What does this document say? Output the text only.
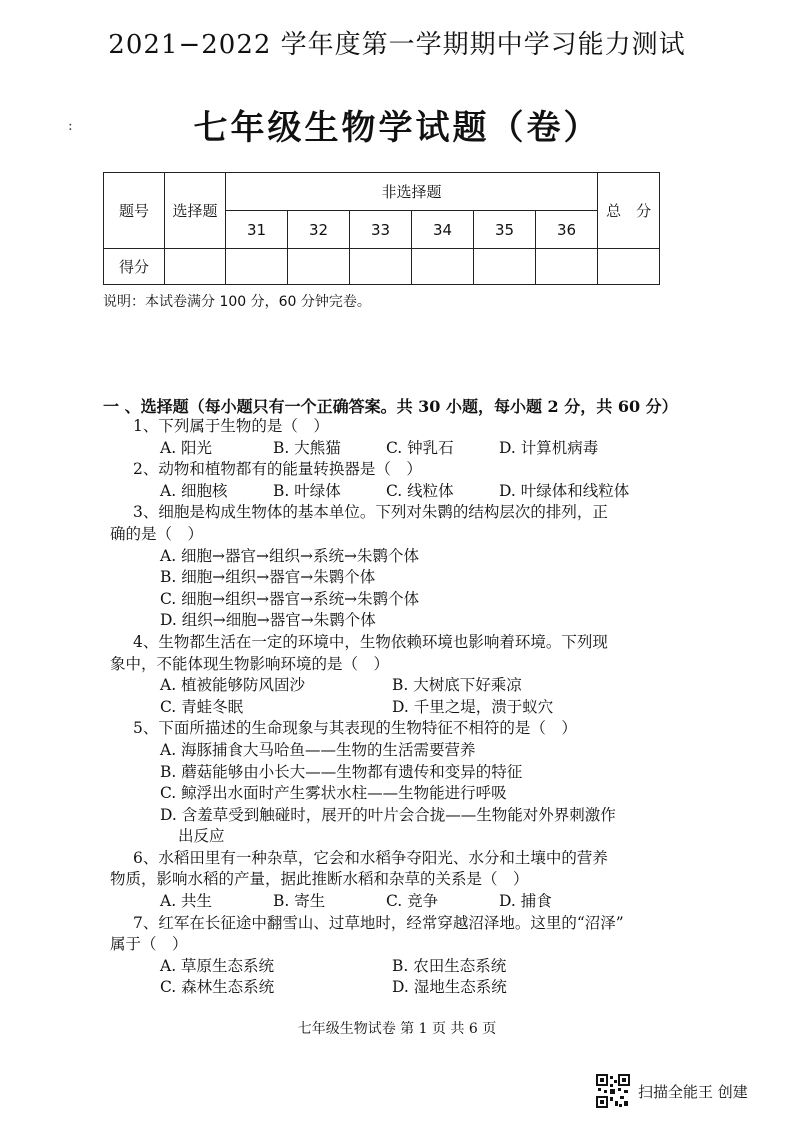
2021−2022 学年度第一学期期中学习能力测试
:	七年级生物学试题（卷）
题号	选择题	非选择题						总　分
		31	32	33	34	35	36	
得分								
说明：本试卷满分 100 分，60 分钟完卷。
一 、选择题（每小题只有一个正确答案。共 30 小题，每小题 2 分，共 60 分）
1、下列属于生物的是（　）
A. 阳光	B. 大熊猫	C. 钟乳石	D. 计算机病毒
2、动物和植物都有的能量转换器是（　）
A. 细胞核	B. 叶绿体	C. 线粒体	D. 叶绿体和线粒体
3、细胞是构成生物体的基本单位。下列对朱鹮的结构层次的排列，正
确的是（　）
A. 细胞→器官→组织→系统→朱鹮个体
B. 细胞→组织→器官→朱鹮个体
C. 细胞→组织→器官→系统→朱鹮个体
D. 组织→细胞→器官→朱鹮个体
4、生物都生活在一定的环境中，生物依赖环境也影响着环境。下列现
象中，不能体现生物影响环境的是（　）
A. 植被能够防风固沙	B. 大树底下好乘凉
C. 青蛙冬眠	D. 千里之堤，溃于蚁穴
5、下面所描述的生命现象与其表现的生物特征不相符的是（　）
A. 海豚捕食大马哈鱼——生物的生活需要营养
B. 蘑菇能够由小长大——生物都有遗传和变异的特征
C. 鲸浮出水面时产生雾状水柱——生物能进行呼吸
D. 含羞草受到触碰时，展开的叶片会合拢——生物能对外界刺激作
出反应
6、水稻田里有一种杂草，它会和水稻争夺阳光、水分和土壤中的营养
物质，影响水稻的产量，据此推断水稻和杂草的关系是（　）
A. 共生	B. 寄生	C. 竞争	D. 捕食
7、红军在长征途中翻雪山、过草地时，经常穿越沼泽地。这里的“沼泽”
属于（　）
A. 草原生态系统	B. 农田生态系统
C. 森林生态系统	D. 湿地生态系统
七年级生物试卷 第 1 页 共 6 页
扫描全能王 创建
